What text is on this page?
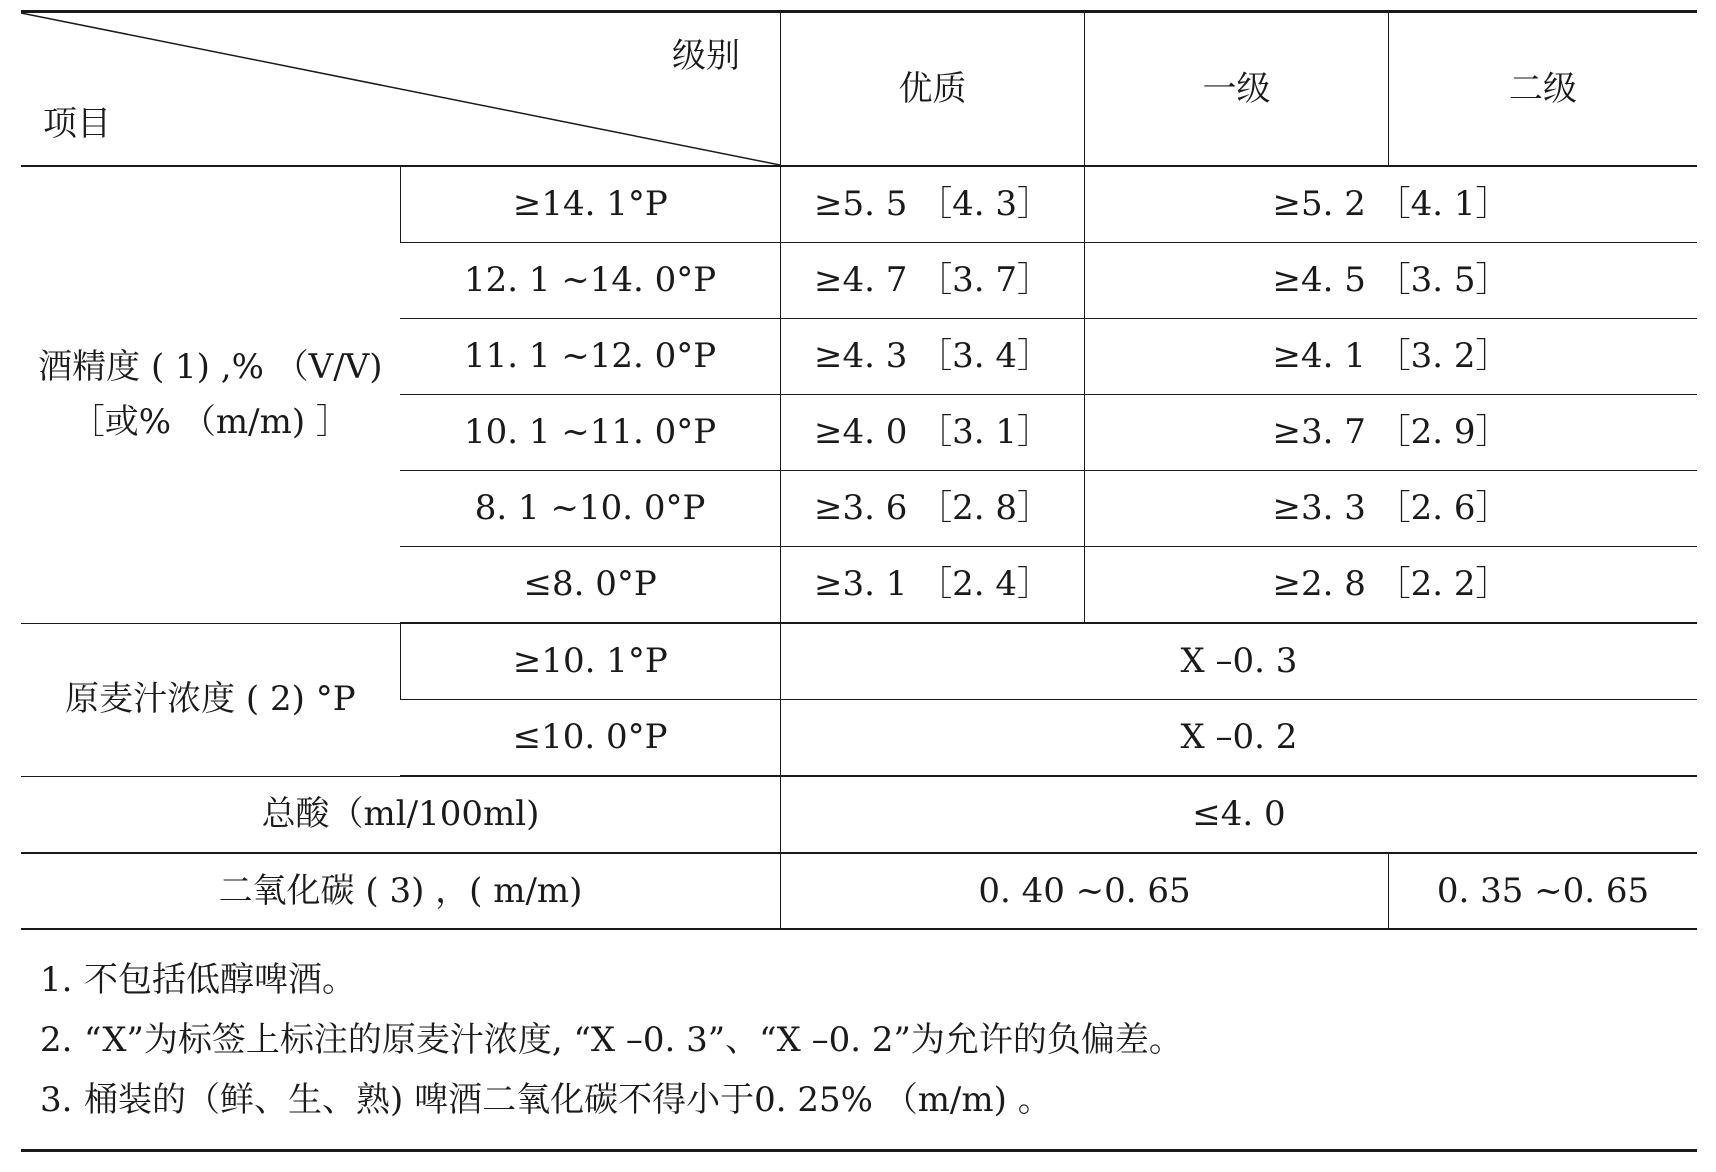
级别
项目		优质	一级	二级

酒精度 ( 1) ,% （V/V)
［或% （m/m) ］	≥14. 1°P	≥5. 5 ［4. 3］	≥5. 2 ［4. 1］	
	12. 1 ~14. 0°P	≥4. 7 ［3. 7］	≥4. 5 ［3. 5］	
	11. 1 ~12. 0°P	≥4. 3 ［3. 4］	≥4. 1 ［3. 2］	
	10. 1 ~11. 0°P	≥4. 0 ［3. 1］	≥3. 7 ［2. 9］	
	8. 1 ~10. 0°P	≥3. 6 ［2. 8］	≥3. 3 ［2. 6］	
	≤8. 0°P	≥3. 1 ［2. 4］	≥2. 8 ［2. 2］	
原麦汁浓度 ( 2) °P	≥10. 1°P	X –0. 3		
	≤10. 0°P	X –0. 2		
总酸（ml/100ml)		≤4. 0		
二氧化碳 ( 3) ，( m/m)		0. 40 ~0. 65		0. 35 ~0. 65
1. 不包括低醇啤酒。
2. “X”为标签上标注的原麦汁浓度, “X –0. 3”、“X –0. 2”为允许的负偏差。
3. 桶装的（鲜、生、熟) 啤酒二氧化碳不得小于0. 25% （m/m) 。
